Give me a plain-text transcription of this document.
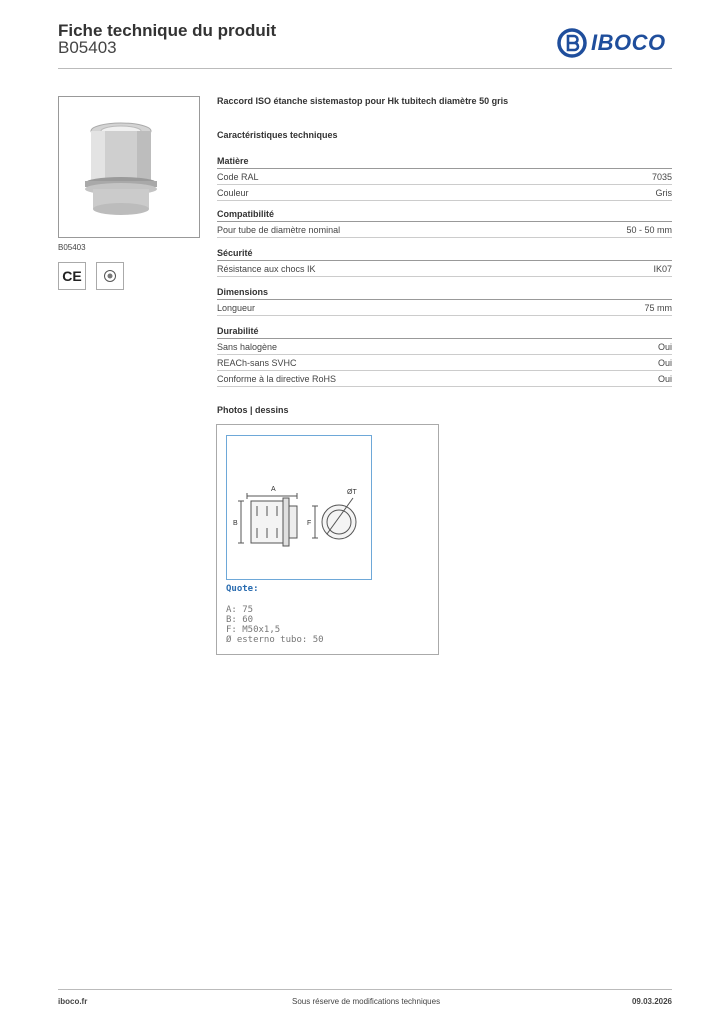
Fiche technique du produit
B05403	IBOCO
B05403
CE
Raccord ISO étanche sistemastop pour Hk tubitech diamètre 50 gris
Caractéristiques techniques
Matière
Code RAL	7035
Couleur	Gris
Compatibilité
Pour tube de diamètre nominal	50 - 50 mm
Sécurité
Résistance aux chocs IK	IK07
Dimensions
Longueur	75 mm
Durabilité
Sans halogène	Oui
REACh-sans SVHC	Oui
Conforme à la directive RoHS	Oui
Photos | dessins
A
B	F
ØT
Quote:
A: 75
B: 60
F: M50x1,5
Ø esterno tubo: 50
iboco.fr	Sous réserve de modifications techniques	09.03.2026
